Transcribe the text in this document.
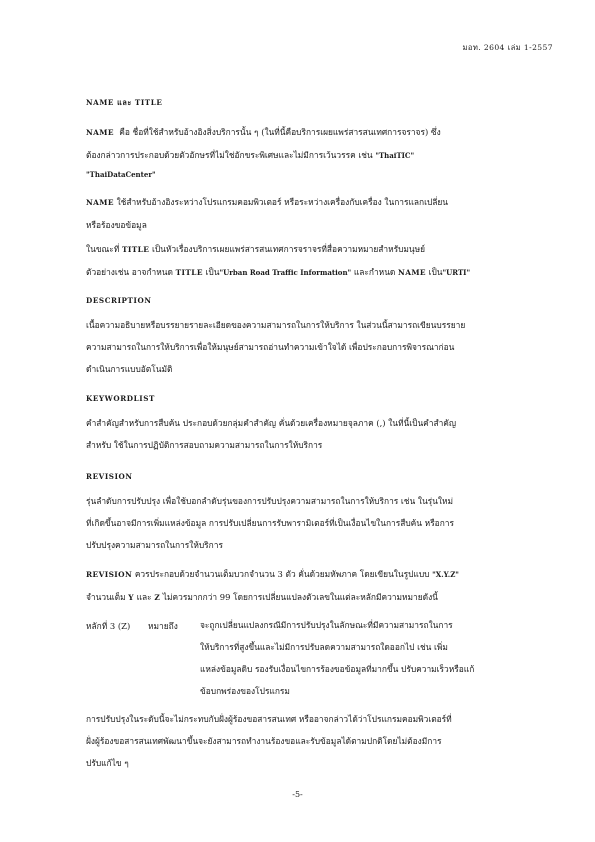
มอท. 2604 เล่ม 1-2557
NAME และ TITLE
NAME คือ ชื่อที่ใช้สำหรับอ้างอิงสิ่งบริการนั้น ๆ (ในที่นี้คือบริการเผยแพร่สารสนเทศการจราจร) ซึ่ง
ต้องกล่าวการประกอบด้วยตัวอักษรที่ไม่ใช่อักขระพิเศษและไม่มีการเว้นวรรค เช่น "ThaiTIC"
"ThaiDataCenter"
NAME ใช้สำหรับอ้างอิงระหว่างโปรแกรมคอมพิวเตอร์ หรือระหว่างเครื่องกับเครื่อง ในการแลกเปลี่ยน
หรือร้องขอข้อมูล
ในขณะที่ TITLE เป็นหัวเรื่องบริการเผยแพร่สารสนเทศการจราจรที่สื่อความหมายสำหรับมนุษย์
ตัวอย่างเช่น อาจกำหนด TITLE เป็น"Urban Road Traffic Information" และกำหนด NAME เป็น"URTI"
DESCRIPTION
เนื้อความอธิบายหรือบรรยายรายละเอียดของความสามารถในการให้บริการ ในส่วนนี้สามารถเขียนบรรยาย
ความสามารถในการให้บริการเพื่อให้มนุษย์สามารถอ่านทำความเข้าใจได้ เพื่อประกอบการพิจารณาก่อน
ดำเนินการแบบอัตโนมัติ
KEYWORDLIST
คำสำคัญสำหรับการสืบค้น ประกอบด้วยกลุ่มคำสำคัญ คั่นด้วยเครื่องหมายจุลภาค (,) ในที่นี้เป็นคำสำคัญ
สำหรับ ใช้ในการปฏิบัติการสอบถามความสามารถในการให้บริการ
REVISION
รุ่นลำดับการปรับปรุง เพื่อใช้บอกลำดับรุ่นของการปรับปรุงความสามารถในการให้บริการ เช่น ในรุ่นใหม่
ที่เกิดขึ้นอาจมีการเพิ่มแหล่งข้อมูล การปรับเปลี่ยนการรับพารามิเตอร์ที่เป็นเงื่อนไขในการสืบค้น หรือการ
ปรับปรุงความสามารถในการให้บริการ
REVISION ควรประกอบด้วยจำนวนเต็มบวกจำนวน 3 ตัว คั่นด้วยมหัพภาค โดยเขียนในรูปแบบ "X.Y.Z"
จำนวนเต็ม Y และ Z ไม่ควรมากกว่า 99 โดยการเปลี่ยนแปลงตัวเลขในแต่ละหลักมีความหมายดังนี้
หลักที่ 3 (Z) หมายถึง	จะถูกเปลี่ยนแปลงกรณีมีการปรับปรุงในลักษณะที่มีความสามารถในการ
ให้บริการที่สูงขึ้นและไม่มีการปรับลดความสามารถใดออกไป เช่น เพิ่ม
แหล่งข้อมูลดิบ รองรับเงื่อนไขการร้องขอข้อมูลที่มากขึ้น ปรับความเร็วหรือแก้
ข้อบกพร่องของโปรแกรม
การปรับปรุงในระดับนี้จะไม่กระทบกับฝั่งผู้ร้องขอสารสนเทศ หรืออาจกล่าวได้ว่าโปรแกรมคอมพิวเตอร์ที่
ฝั่งผู้ร้องขอสารสนเทศพัฒนาขึ้นจะยังสามารถทำงานร้องขอและรับข้อมูลได้ตามปกติโดยไม่ต้องมีการ
ปรับแก้ไข ๆ
-5-
